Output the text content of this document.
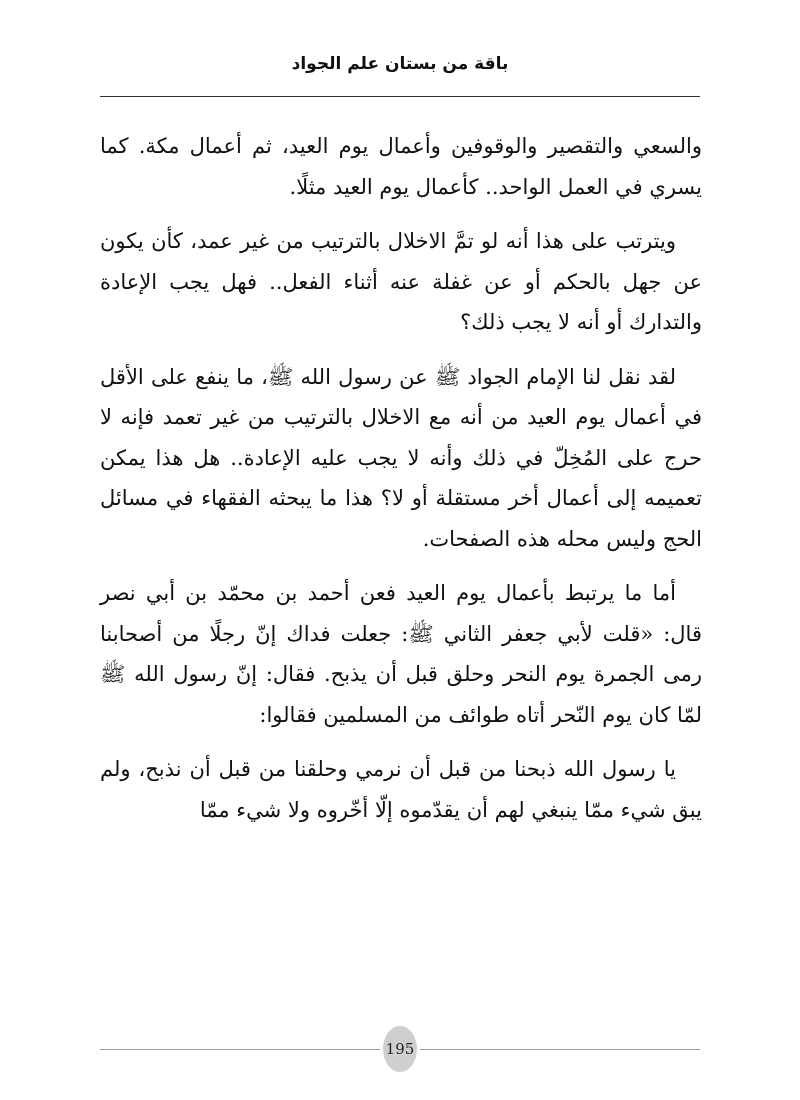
باقة من بستان علم الجواد

والسعي والتقصير والوقوفين وأعمال يوم العيد، ثم أعمال مكة. كما يسري في العمل الواحد.. كأعمال يوم العيد مثلًا.

ويترتب على هذا أنه لو تمَّ الاخلال بالترتيب من غير عمد، كأن يكون عن جهل بالحكم أو عن غفلة عنه أثناء الفعل.. فهل يجب الإعادة والتدارك أو أنه لا يجب ذلك؟

لقد نقل لنا الإمام الجواد ﷺ عن رسول الله ﷺ، ما ينفع على الأقل في أعمال يوم العيد من أنه مع الاخلال بالترتيب من غير تعمد فإنه لا حرج على المُخِلّ في ذلك وأنه لا يجب عليه الإعادة.. هل هذا يمكن تعميمه إلى أعمال أخر مستقلة أو لا؟ هذا ما يبحثه الفقهاء في مسائل الحج وليس محله هذه الصفحات.

أما ما يرتبط بأعمال يوم العيد فعن أحمد بن محمّد بن أبي نصر قال: «قلت لأبي جعفر الثاني ﷺ: جعلت فداك إنّ رجلًا من أصحابنا رمى الجمرة يوم النحر وحلق قبل أن يذبح. فقال: إنّ رسول الله ﷺ لمّا كان يوم النّحر أتاه طوائف من المسلمين فقالوا:

يا رسول الله ذبحنا من قبل أن نرمي وحلقنا من قبل أن نذبح، ولم يبق شيء ممّا ينبغي لهم أن يقدّموه إلّا أخّروه ولا شيء ممّا

195
